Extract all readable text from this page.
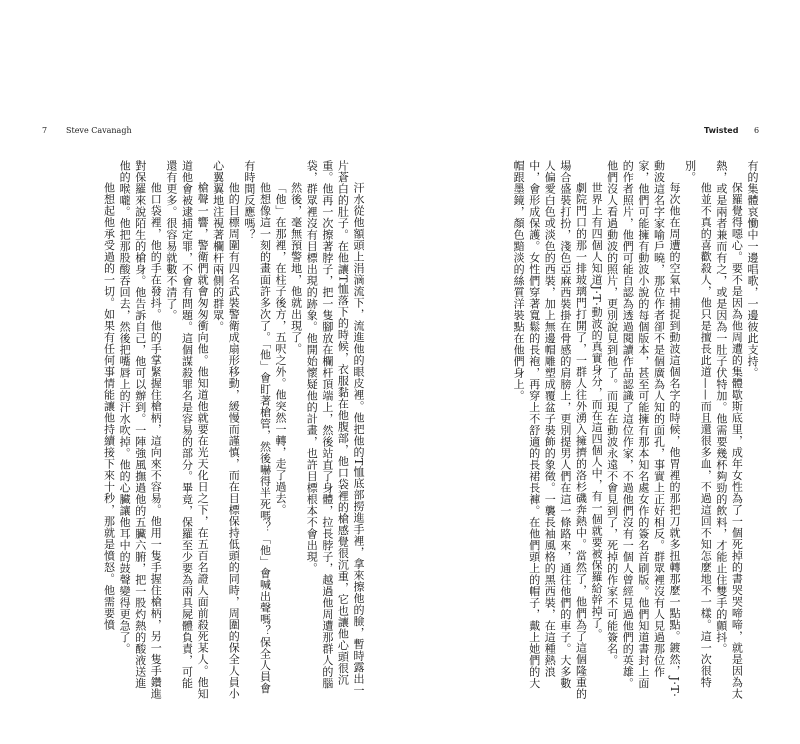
7 Steve Cavanagh

汗水從他額頭上涓滴流下，流進他的眼皮裡。他把他的T恤底部撈進手裡，拿來擦他的臉，暫時露出一片蒼白的肚子。在他讓T恤落下的時候，衣服黏在他腹部，他口袋裡的槍感覺很沉重，它也讓他心頭很沉重。他再一次擦著脖子，把一隻腳放在欄杆頂端上，然後站直了身體，拉長脖子，越過他周遭那群人的腦袋，群眾裡沒有目標出現的跡象。他開始懷疑他的計畫，也許目標根本不會出現。

然後，毫無預警地，他就出現了。

「他」在那裡，在柱子後方，五呎之外。他突然一轉，走了過去。

他想像這一刻的畫面許多次了。「他」會盯著槍管，然後嚇得半死嗎？「他」會喊出聲嗎？保全人員會有時間反應嗎？

他的目標周圍有四名武裝警衛成扇形移動，緩慢而謹慎，而在目標保持低頭的同時，周圍的保全人員小心翼翼地注視著欄杆兩側的群眾。

槍聲一響，警衛們就會匆匆衝向他。他知道他就要在光天化日之下，在五百名證人面前殺死某人。他知道他會被逮捕定罪，不會有問題。這個謀殺罪名是容易的部分。畢竟，保羅至少要為兩具屍體負責，可能還有更多。很容易就數不清了。

他口袋裡，他的手在發抖。他的手掌緊握住槍柄，這向來不容易。他用一隻手握住槍柄，另一隻手鑽進對保羅來說陌生的槍身。他告訴自己，他可以辦到。一陣強風撫過他的五臟六腑，把一股灼熱的酸液送進他的喉嚨。他把那股酸吞回去，然後把嘴唇上的汗水吹掉。他的心臟讓他耳中的鼓聲變得更急了。

他想起他承受過的一切。如果有任何事情能讓他持續接下來十秒，那就是憤怒。他需要憤

Twisted 6

有的集體哀慟中一邊唱歌，一邊彼此支持。

保羅覺得噁心。要不是因為他周遭的集體歇斯底里，成年女性為了一個死掉的書哭哭啼啼，就是因為太熱，或是兩者兼而有之，或是因為一肚子伏特加。他需要幾杯夠勁的飲料，才能止住雙手的顫抖。

他並不真的喜歡殺人，他只是擅長此道——而且還很多血，不過這回不知怎麼地不一樣。這一次很特別。

每次他在周遭的空氣中捕捉到動波這個名字的時候，他胃裡的那把刀就多扭轉那麼一點點。鍍然，J·T·動波這名字家喻戶曉，那位作者卻不是個廣為人知的面孔，事實上正好相反。群眾裡沒有人見過那位作家，他們可能擁有動波小說的每個版本，甚至可能擁有那本知名處女作的簽名首刷版。他們知道書封上面的作者照片，他們可能自認為透過閱讀作品認識了這位作家，不過他們沒有一個人曾經見過他們的英雄。他們沒人看過動波的照片，更別說見到他了。而現在動波永遠不會見到了，死掉的作家不可能簽名。

世界上有四個人知道J·T·動波的真實身分，而在這四個人中，有一個就要被保羅給幹掉了。

劇院門口的那一排玻璃門打開了，一群人往外湧入擁擠的洛杉磯奔熱中。當然了，他們為了這個隆重的場合盛裝打扮，淺色亞麻西裝掛在骨感的肩膀上，更別提男人們在這一條路來，通往他們的車子。大多數人偏愛白色或淡色的西裝，加上無邊帽雕塑成覆盆子裝飾的象徵。一襲長袖風格的黑西裝，在這種熱浪中，會形成保護。女性們穿著寬鬆的長袍，再穿上不舒適的長裙長褲。在他們頭上的帽子，戴上她們的大帽跟墨鏡，顏色黯淡的絲質洋裝點在他們身上。
